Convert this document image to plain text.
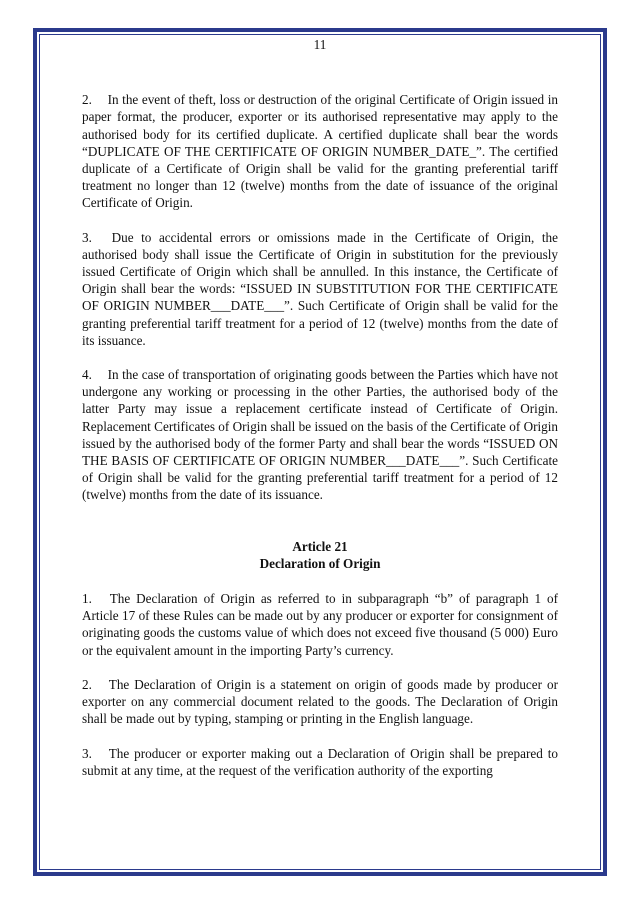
11
2. In the event of theft, loss or destruction of the original Certificate of Origin issued in paper format, the producer, exporter or its authorised representative may apply to the authorised body for its certified duplicate. A certified duplicate shall bear the words “DUPLICATE OF THE CERTIFICATE OF ORIGIN NUMBER_DATE_”. The certified duplicate of a Certificate of Origin shall be valid for the granting preferential tariff treatment no longer than 12 (twelve) months from the date of issuance of the original Certificate of Origin.
3. Due to accidental errors or omissions made in the Certificate of Origin, the authorised body shall issue the Certificate of Origin in substitution for the previously issued Certificate of Origin which shall be annulled. In this instance, the Certificate of Origin shall bear the words: “ISSUED IN SUBSTITUTION FOR THE CERTIFICATE OF ORIGIN NUMBER___DATE___”. Such Certificate of Origin shall be valid for the granting preferential tariff treatment for a period of 12 (twelve) months from the date of its issuance.
4. In the case of transportation of originating goods between the Parties which have not undergone any working or processing in the other Parties, the authorised body of the latter Party may issue a replacement certificate instead of Certificate of Origin. Replacement Certificates of Origin shall be issued on the basis of the Certificate of Origin issued by the authorised body of the former Party and shall bear the words “ISSUED ON THE BASIS OF CERTIFICATE OF ORIGIN NUMBER___DATE___”. Such Certificate of Origin shall be valid for the granting preferential tariff treatment for a period of 12 (twelve) months from the date of its issuance.
Article 21
Declaration of Origin
1. The Declaration of Origin as referred to in subparagraph “b” of paragraph 1 of Article 17 of these Rules can be made out by any producer or exporter for consignment of originating goods the customs value of which does not exceed five thousand (5 000) Euro or the equivalent amount in the importing Party’s currency.
2. The Declaration of Origin is a statement on origin of goods made by producer or exporter on any commercial document related to the goods. The Declaration of Origin shall be made out by typing, stamping or printing in the English language.
3. The producer or exporter making out a Declaration of Origin shall be prepared to submit at any time, at the request of the verification authority of the exporting
